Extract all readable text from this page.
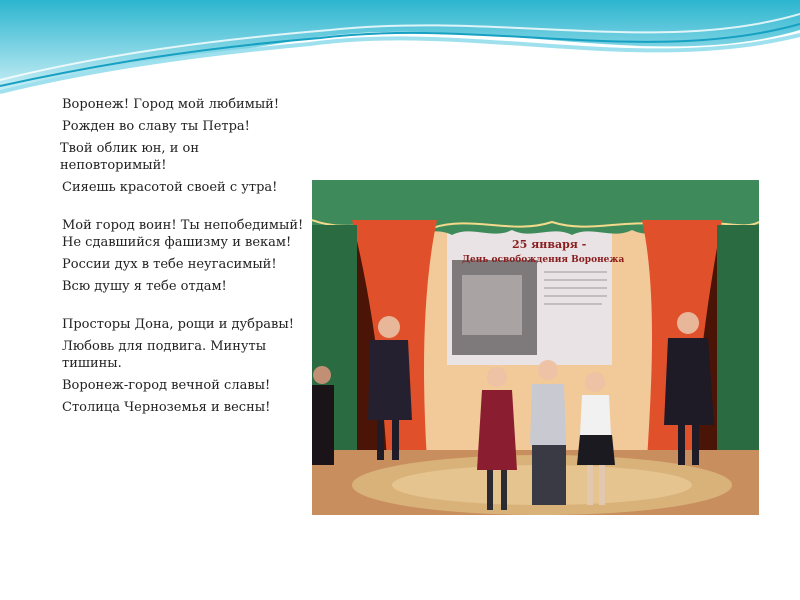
Воронеж! Город мой любимый!
Рожден во славу ты Петра!
Твой облик юн, и он неповторимый!
Сияешь красотой своей с утра!
Мой город воин! Ты непобедимый!Не сдавшийся фашизму и векам!
России дух в тебе неугасимый!
Всю душу я тебе отдам!
Просторы Дона, рощи и дубравы!
Любовь для подвига. Минуты тишины.
Воронеж-город вечной славы!
Столица Черноземья и весны!
25 января -
День освобождения Воронежа
